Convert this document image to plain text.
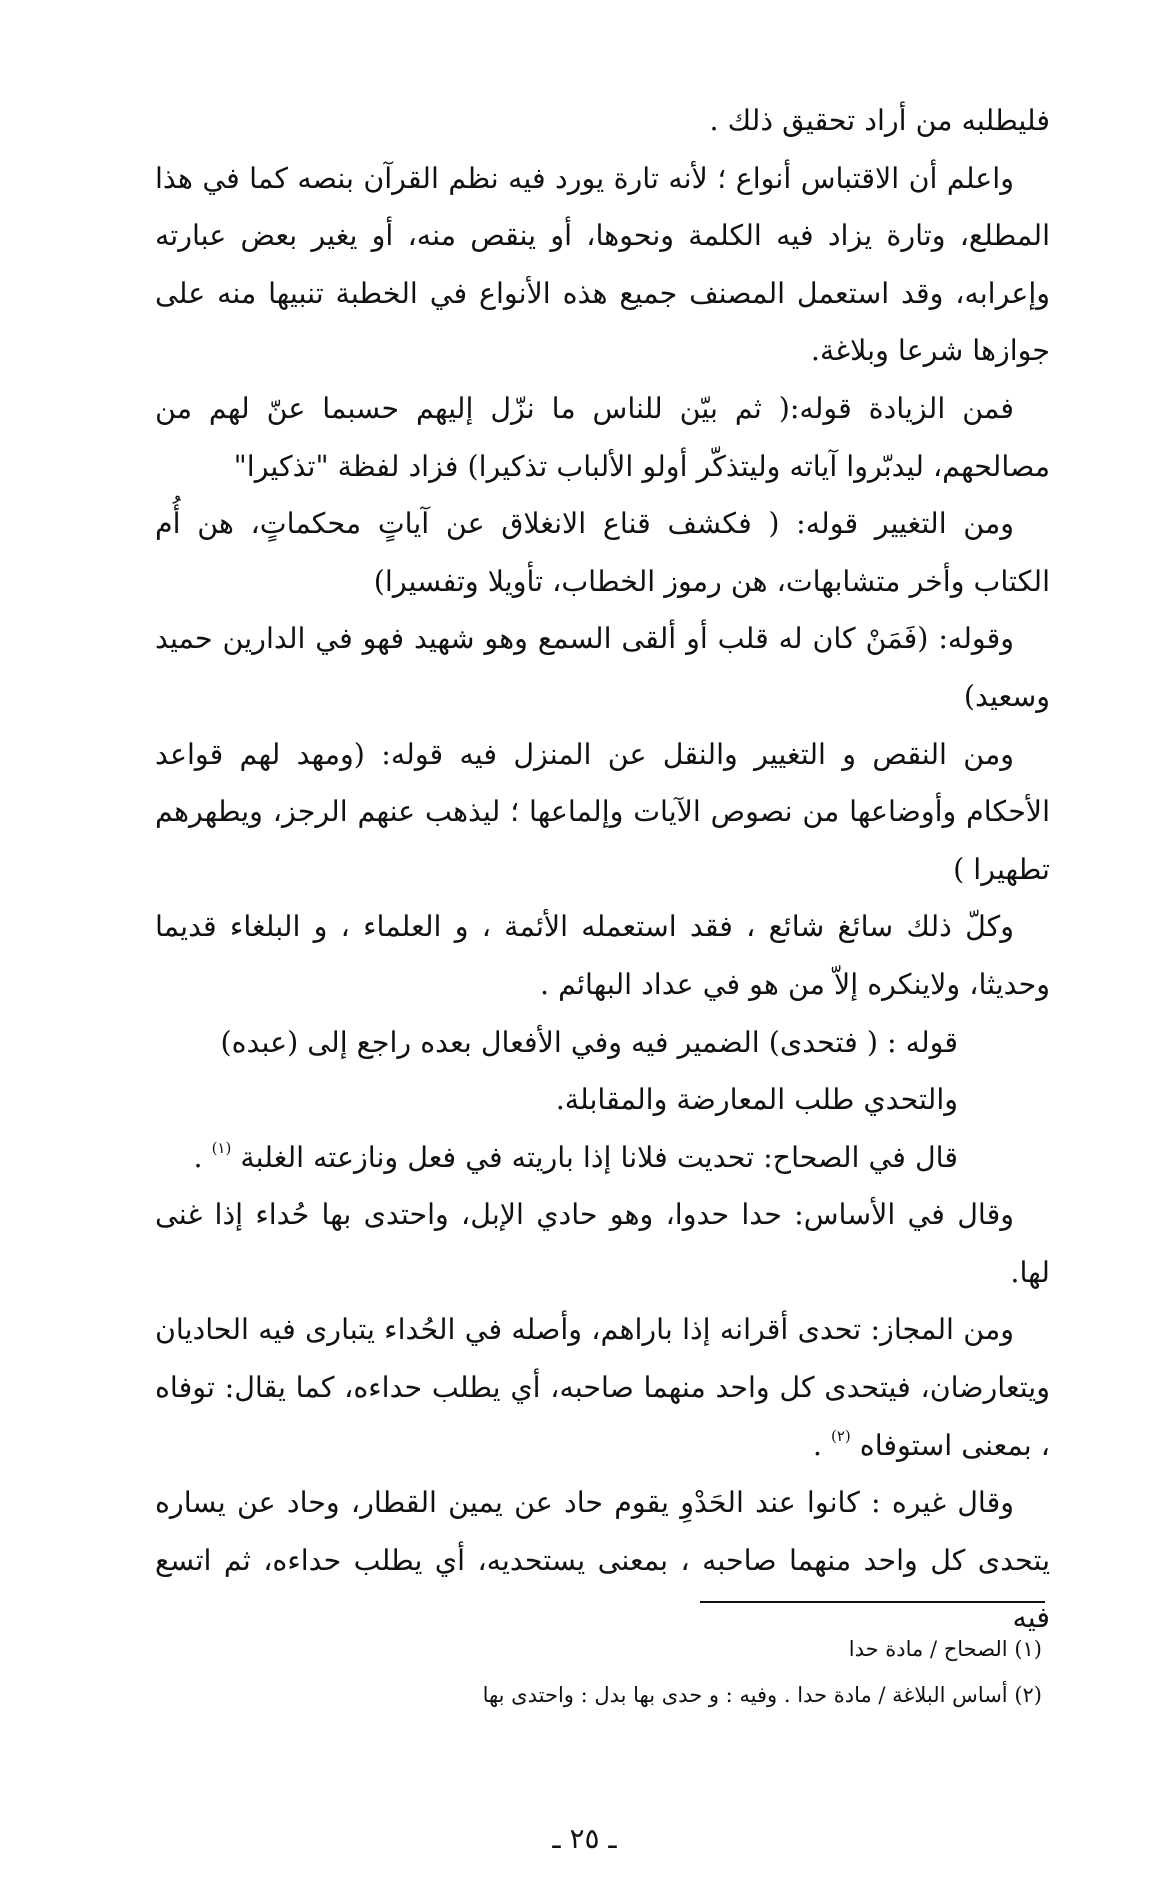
فليطلبه من أراد تحقيق ذلك .

واعلم أن الاقتباس أنواع ؛ لأنه تارة يورد فيه نظم القرآن بنصه كما في هذا المطلع، وتارة يزاد فيه الكلمة ونحوها، أو ينقص منه، أو يغير بعض عبارته وإعرابه، وقد استعمل المصنف جميع هذه الأنواع في الخطبة تنبيها منه على جوازها شرعا وبلاغة.

فمن الزيادة قوله:( ثم بيّن للناس ما نزّل إليهم حسبما عنّ لهم من مصالحهم، ليدبّروا آياته وليتذكّر أولو الألباب تذكيرا) فزاد لفظة "تذكيرا"

ومن التغيير قوله: ( فكشف قناع الانغلاق عن آياتٍ محكماتٍ، هن أُم الكتاب وأخر متشابهات، هن رموز الخطاب، تأويلا وتفسيرا)

وقوله: (فَمَنْ كان له قلب أو ألقى السمع وهو شهيد فهو في الدارين حميد وسعيد)

ومن النقص و التغيير والنقل عن المنزل فيه قوله: (ومهد لهم قواعد الأحكام وأوضاعها من نصوص الآيات وإلماعها ؛ ليذهب عنهم الرجز، ويطهرهم تطهيرا )

وكلّ ذلك سائغ شائع ، فقد استعمله الأئمة ، و العلماء ، و البلغاء قديما وحديثا، ولاينكره إلاّ من هو في عداد البهائم .

قوله : ( فتحدى) الضمير فيه وفي الأفعال بعده راجع إلى (عبده)

والتحدي طلب المعارضة والمقابلة.

قال في الصحاح: تحديت فلانا إذا باريته في فعل ونازعته الغلبة $^{(١)}$ .

وقال في الأساس: حدا حدوا، وهو حادي الإبل، واحتدى بها حُداء إذا غنى لها.

ومن المجاز: تحدى أقرانه إذا باراهم، وأصله في الحُداء يتبارى فيه الحاديان ويتعارضان، فيتحدى كل واحد منهما صاحبه، أي يطلب حداءه، كما يقال: توفاه ، بمعنى استوفاه $^{(٢)}$ .

وقال غيره : كانوا عند الحَدْوِ يقوم حاد عن يمين القطار، وحاد عن يساره يتحدى كل واحد منهما صاحبه ، بمعنى يستحديه، أي يطلب حداءه، ثم اتسع فيه

(١) الصحاح / مادة حدا

(٢) أساس البلاغة / مادة حدا . وفيه : و حدى بها بدل : واحتدى بها

ـ ٢٥ ـ
